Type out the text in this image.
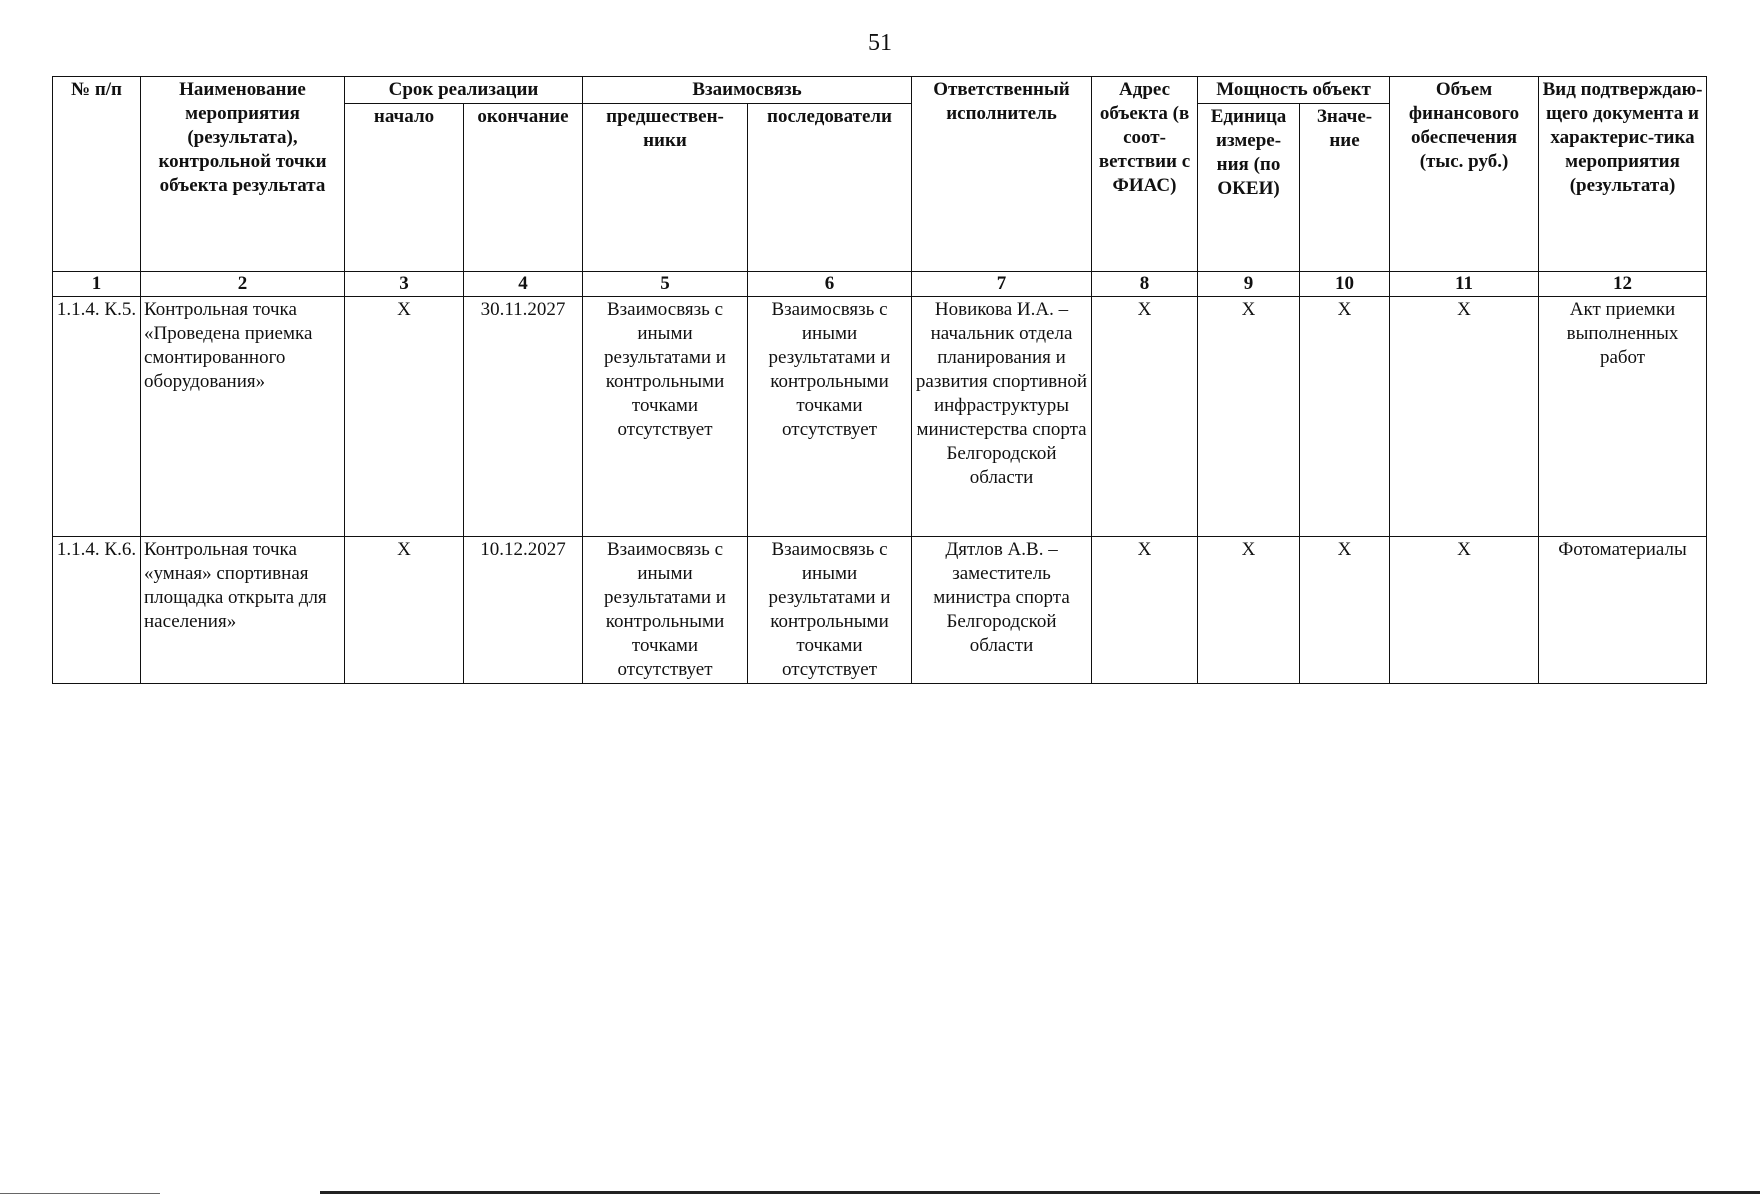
51
№ п/п	Наименование мероприятия (результата), контрольной точки объекта результата	Срок реализации		Взаимосвязь		Ответственный исполнитель	Адрес объекта (в соот-ветствии с ФИАС)	Мощность объект		Объем финансового обеспечения (тыс. руб.)	Вид подтверждаю-щего документа и характерис-тика мероприятия (результата)
		начало	окончание	предшествен-ники	последователи			Единица измере-ния (по ОКЕИ)	Значе-ние		
1	2	3	4	5	6	7	8	9	10	11	12
1.1.4. К.5.	Контрольная точка «Проведена приемка смонтированного оборудования»	X	30.11.2027	Взаимосвязь с иными результатами и контрольными точками отсутствует	Взаимосвязь с иными результатами и контрольными точками отсутствует	Новикова И.А. – начальник отдела планирования и развития спортивной инфраструктуры министерства спорта Белгородской области	X	X	X	X	Акт приемки выполненных работ
1.1.4. К.6.	Контрольная точка «умная» спортивная площадка открыта для населения»	X	10.12.2027	Взаимосвязь с иными результатами и контрольными точками отсутствует	Взаимосвязь с иными результатами и контрольными точками отсутствует	Дятлов А.В. – заместитель министра спорта Белгородской области	X	X	X	X	Фотоматериалы
